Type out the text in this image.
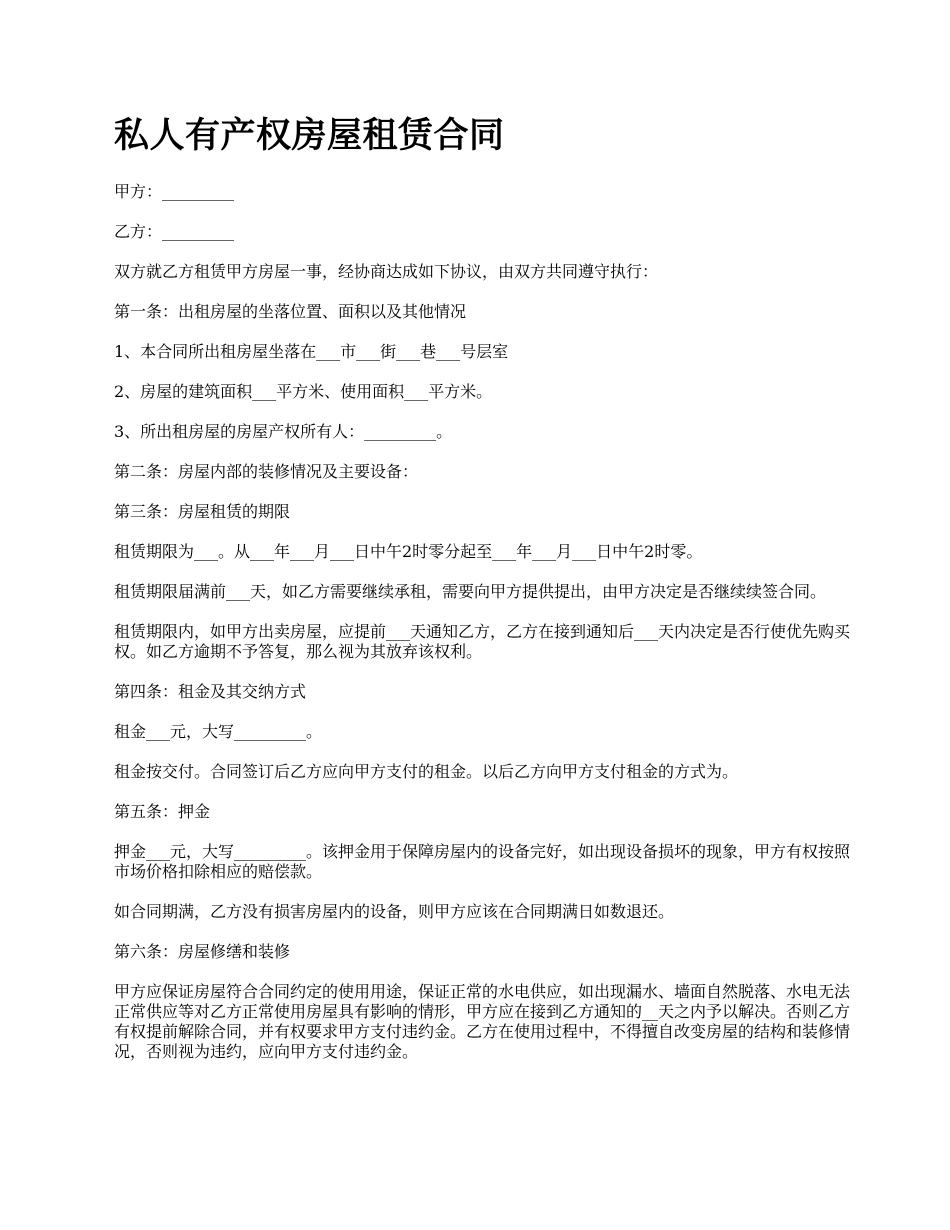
私人有产权房屋租赁合同

甲方：_________

乙方：_________

双方就乙方租赁甲方房屋一事，经协商达成如下协议，由双方共同遵守执行：

第一条：出租房屋的坐落位置、面积以及其他情况

1、本合同所出租房屋坐落在___市___街___巷___号层室

2、房屋的建筑面积___平方米、使用面积___平方米。

3、所出租房屋的房屋产权所有人：_________。

第二条：房屋内部的装修情况及主要设备：

第三条：房屋租赁的期限

租赁期限为___。从___年___月___日中午2时零分起至___年___月___日中午2时零。

租赁期限届满前___天，如乙方需要继续承租，需要向甲方提供提出，由甲方决定是否继续续签合同。

租赁期限内，如甲方出卖房屋，应提前___天通知乙方，乙方在接到通知后___天内决定是否行使优先购买权。如乙方逾期不予答复，那么视为其放弃该权利。

第四条：租金及其交纳方式

租金___元，大写_________。

租金按交付。合同签订后乙方应向甲方支付的租金。以后乙方向甲方支付租金的方式为。

第五条：押金

押金___元，大写_________。该押金用于保障房屋内的设备完好，如出现设备损坏的现象，甲方有权按照市场价格扣除相应的赔偿款。

如合同期满，乙方没有损害房屋内的设备，则甲方应该在合同期满日如数退还。

第六条：房屋修缮和装修

甲方应保证房屋符合合同约定的使用用途，保证正常的水电供应，如出现漏水、墙面自然脱落、水电无法正常供应等对乙方正常使用房屋具有影响的情形，甲方应在接到乙方通知的__天之内予以解决。否则乙方有权提前解除合同，并有权要求甲方支付违约金。乙方在使用过程中，不得擅自改变房屋的结构和装修情况，否则视为违约，应向甲方支付违约金。
